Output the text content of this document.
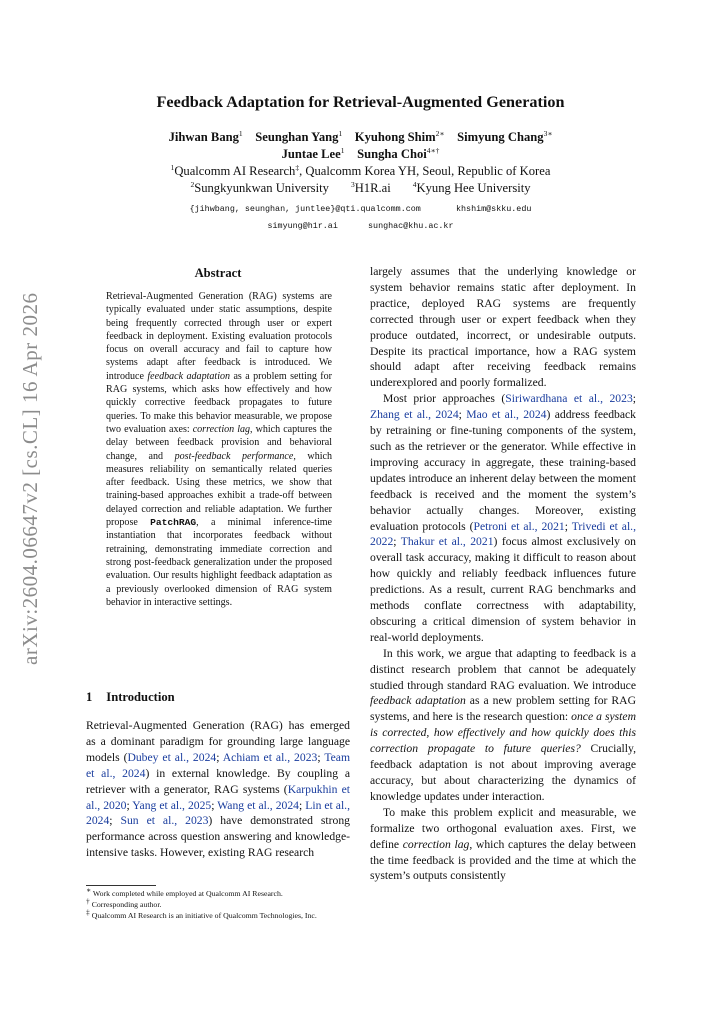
arXiv:2604.06647v2 [cs.CL] 16 Apr 2026
Feedback Adaptation for Retrieval-Augmented Generation
Jihwan Bang$^1$ Seunghan Yang$^1$ Kyuhong Shim$^{2∗}$ Simyung Chang$^{3∗}$
Juntae Lee$^1$ Sungha Choi$^{4∗\dagger}$
$^1$Qualcomm AI Research‡, Qualcomm Korea YH, Seoul, Republic of Korea
$^2$Sungkyunkwan University	$^3$H1R.ai	$^4$Kyung Hee University
{jihwbang, seunghan, juntlee}@qti.qualcomm.com	khshim@skku.edu
simyung@h1r.ai	sunghac@khu.ac.kr
Abstract
Retrieval-Augmented Generation (RAG) systems are typically evaluated under static assumptions, despite being frequently corrected through user or expert feedback in deployment. Existing evaluation protocols focus on overall accuracy and fail to capture how systems adapt after feedback is introduced. We introduce feedback adaptation as a problem setting for RAG systems, which asks how effectively and how quickly corrective feedback propagates to future queries. To make this behavior measurable, we propose two evaluation axes: correction lag, which captures the delay between feedback provision and behavioral change, and post-feedback performance, which measures reliability on semantically related queries after feedback. Using these metrics, we show that training-based approaches exhibit a trade-off between delayed correction and reliable adaptation. We further propose PatchRAG, a minimal inference-time instantiation that incorporates feedback without retraining, demonstrating immediate correction and strong post-feedback generalization under the proposed evaluation. Our results highlight feedback adaptation as a previously overlooked dimension of RAG system behavior in interactive settings.
1 Introduction
Retrieval-Augmented Generation (RAG) has emerged as a dominant paradigm for grounding large language models (Dubey et al., 2024; Achiam et al., 2023; Team et al., 2024) in external knowledge. By coupling a retriever with a generator, RAG systems (Karpukhin et al., 2020; Yang et al., 2025; Wang et al., 2024; Lin et al., 2024; Sun et al., 2023) have demonstrated strong performance across question answering and knowledge-intensive tasks. However, existing RAG research
∗ Work completed while employed at Qualcomm AI Research.
† Corresponding author.
‡ Qualcomm AI Research is an initiative of Qualcomm Technologies, Inc.

largely assumes that the underlying knowledge or system behavior remains static after deployment. In practice, deployed RAG systems are frequently corrected through user or expert feedback when they produce outdated, incorrect, or undesirable outputs. Despite its practical importance, how a RAG system should adapt after receiving feedback remains underexplored and poorly formalized.

Most prior approaches (Siriwardhana et al., 2023; Zhang et al., 2024; Mao et al., 2024) address feedback by retraining or fine-tuning components of the system, such as the retriever or the generator. While effective in improving accuracy in aggregate, these training-based updates introduce an inherent delay between the moment feedback is received and the moment the system’s behavior actually changes. Moreover, existing evaluation protocols (Petroni et al., 2021; Trivedi et al., 2022; Thakur et al., 2021) focus almost exclusively on overall task accuracy, making it difficult to reason about how quickly and reliably feedback influences future predictions. As a result, current RAG benchmarks and methods conflate correctness with adaptability, obscuring a critical dimension of system behavior in real-world deployments.

In this work, we argue that adapting to feedback is a distinct research problem that cannot be adequately studied through standard RAG evaluation. We introduce feedback adaptation as a new problem setting for RAG systems, and here is the research question: once a system is corrected, how effectively and how quickly does this correction propagate to future queries? Crucially, feedback adaptation is not about improving average accuracy, but about characterizing the dynamics of knowledge updates under interaction.

To make this problem explicit and measurable, we formalize two orthogonal evaluation axes. First, we define correction lag, which captures the delay between the time feedback is provided and the time at which the system’s outputs consistently
